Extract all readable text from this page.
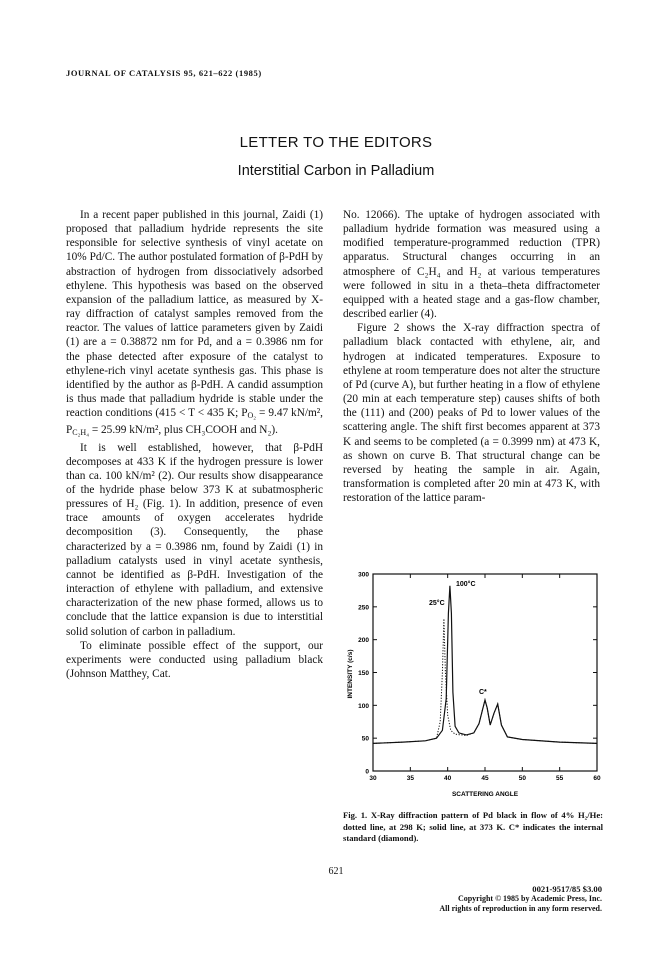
JOURNAL OF CATALYSIS 95, 621–622 (1985)
LETTER TO THE EDITORS
Interstitial Carbon in Palladium

In a recent paper published in this journal, Zaidi (1) proposed that palladium hydride represents the site responsible for selective synthesis of vinyl acetate on 10% Pd/C. The author postulated formation of β-PdH by abstraction of hydrogen from dissociatively adsorbed ethylene. This hypothesis was based on the observed expansion of the palladium lattice, as measured by X-ray diffraction of catalyst samples removed from the reactor. The values of lattice parameters given by Zaidi (1) are a = 0.38872 nm for Pd, and a = 0.3986 nm for the phase detected after exposure of the catalyst to ethylene-rich vinyl acetate synthesis gas. This phase is identified by the author as β-PdH. A candid assumption is thus made that palladium hydride is stable under the reaction conditions (415 < T < 435 K; $P_{O_2} = 9.47$ kN/m², $P_{C_2H_4} = 25.99$ kN/m², plus CH₃COOH and N₂).

It is well established, however, that β-PdH decomposes at 433 K if the hydrogen pressure is lower than ca. 100 kN/m² (2). Our results show disappearance of the hydride phase below 373 K at subatmospheric pressures of H₂ (Fig. 1). In addition, presence of even trace amounts of oxygen accelerates hydride decomposition (3). Consequently, the phase characterized by a = 0.3986 nm, found by Zaidi (1) in palladium catalysts used in vinyl acetate synthesis, cannot be identified as β-PdH. Investigation of the interaction of ethylene with palladium, and extensive characterization of the new phase formed, allows us to conclude that the lattice expansion is due to interstitial solid solution of carbon in palladium.

To eliminate possible effect of the support, our experiments were conducted using palladium black (Johnson Matthey, Cat.

No. 12066). The uptake of hydrogen associated with palladium hydride formation was measured using a modified temperature-programmed reduction (TPR) apparatus. Structural changes occurring in an atmosphere of C₂H₄ and H₂ at various temperatures were followed in situ in a theta–theta diffractometer equipped with a heated stage and a gas-flow chamber, described earlier (4).

Figure 2 shows the X-ray diffraction spectra of palladium black contacted with ethylene, air, and hydrogen at indicated temperatures. Exposure to ethylene at room temperature does not alter the structure of Pd (curve A), but further heating in a flow of ethylene (20 min at each temperature step) causes shifts of both the (111) and (200) peaks of Pd to lower values of the scattering angle. The shift first becomes apparent at 373 K and seems to be completed (a = 0.3999 nm) at 473 K, as shown on curve B. That structural change can be reversed by heating the sample in air. Again, transformation is completed after 20 min at 473 K, with restoration of the lattice param-

30	35	40	45	50	55	60
0
50
100
150
200
250
300
INTENSITY (c/s)
SCATTERING ANGLE
100°C
25°C
C*
Fig. 1. X-Ray diffraction pattern of Pd black in flow of 4% H₂/He: dotted line, at 298 K; solid line, at 373 K. C* indicates the internal standard (diamond).
621
0021-9517/85 $3.00
Copyright © 1985 by Academic Press, Inc.
All rights of reproduction in any form reserved.
